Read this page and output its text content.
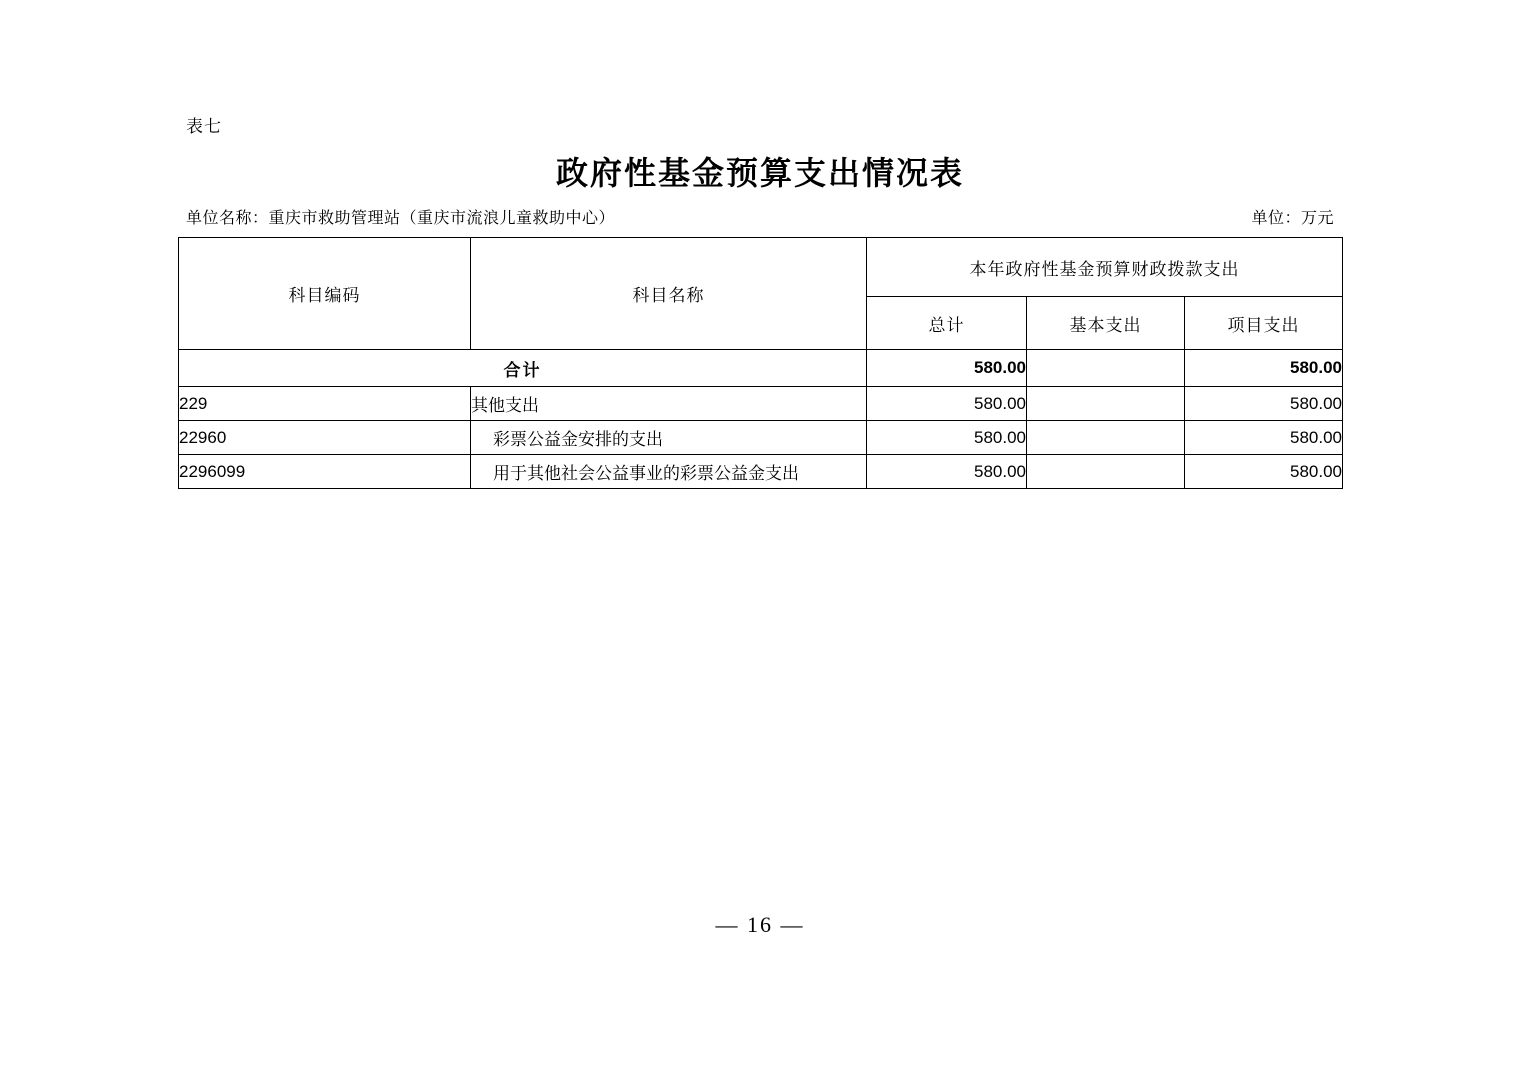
表七
政府性基金预算支出情况表
单位名称：重庆市救助管理站（重庆市流浪儿童救助中心）	单位：万元
科目编码	科目名称	本年政府性基金预算财政拨款支出		
		总计	基本支出	项目支出
合计		580.00		580.00
229	其他支出	580.00		580.00
22960	彩票公益金安排的支出	580.00		580.00
2296099	用于其他社会公益事业的彩票公益金支出	580.00		580.00
— 16 —
